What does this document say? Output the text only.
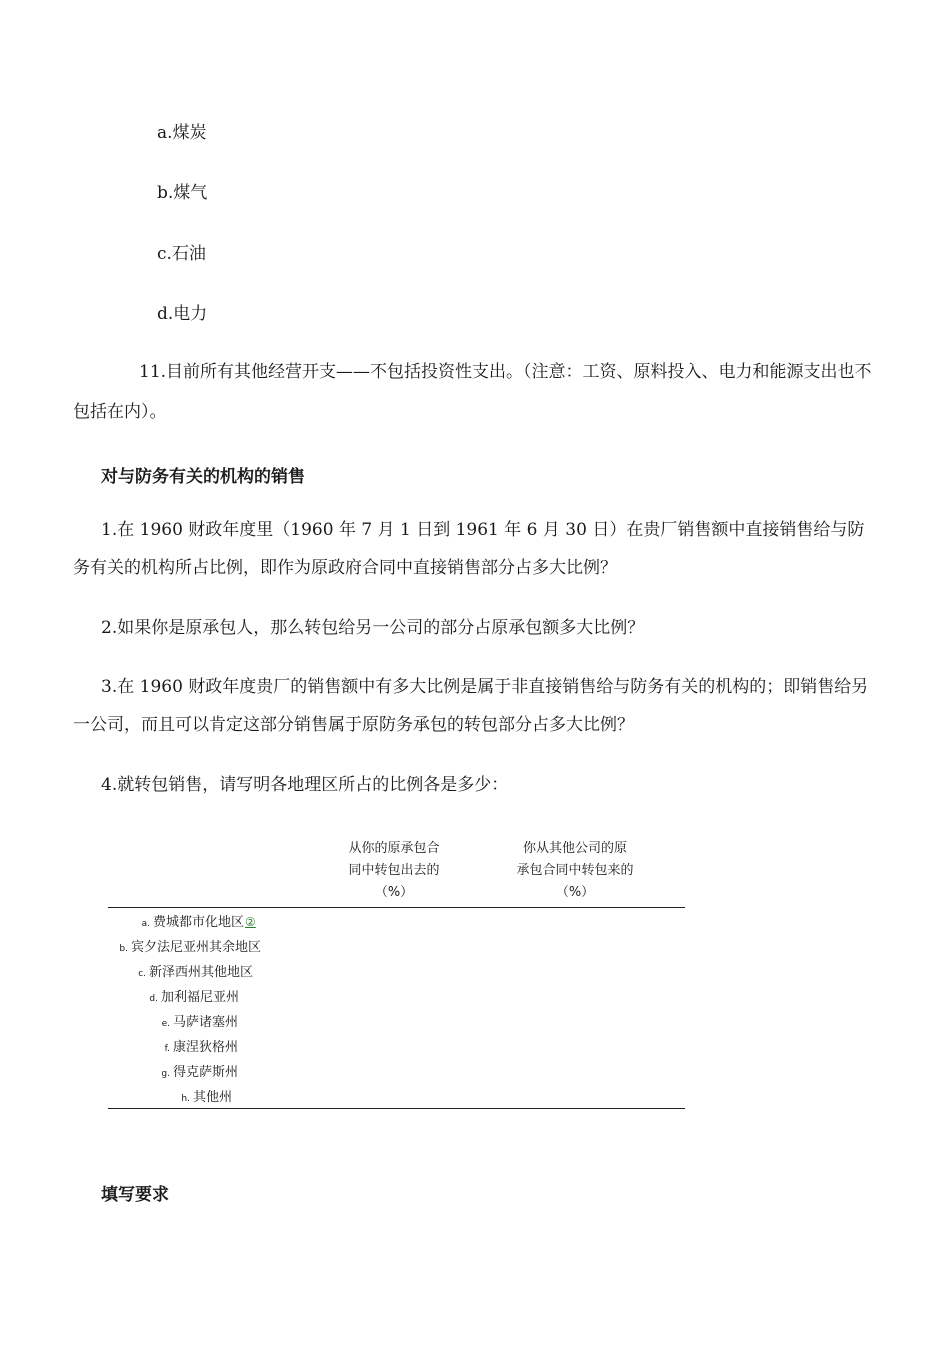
a.煤炭
b.煤气
c.石油
d.电力
11.目前所有其他经营开支——不包括投资性支出。（注意：工资、原料投入、电力和能源支出也不包括在内）。
对与防务有关的机构的销售
1.在 1960 财政年度里（1960 年 7 月 1 日到 1961 年 6 月 30 日）在贵厂销售额中直接销售给与防务有关的机构所占比例，即作为原政府合同中直接销售部分占多大比例？
2.如果你是原承包人，那么转包给另一公司的部分占原承包额多大比例？
3.在 1960 财政年度贵厂的销售额中有多大比例是属于非直接销售给与防务有关的机构的；即销售给另一公司，而且可以肯定这部分销售属于原防务承包的转包部分占多大比例？
4.就转包销售，请写明各地理区所占的比例各是多少：
从你的原承包合
同中转包出去的
（%）
你从其他公司的原
承包合同中转包来的
（%）
a. 费城都市化地区②
b. 宾夕法尼亚州其余地区
c. 新泽西州其他地区
d. 加利福尼亚州
e. 马萨诸塞州
f. 康涅狄格州
g. 得克萨斯州
h. 其他州
填写要求
